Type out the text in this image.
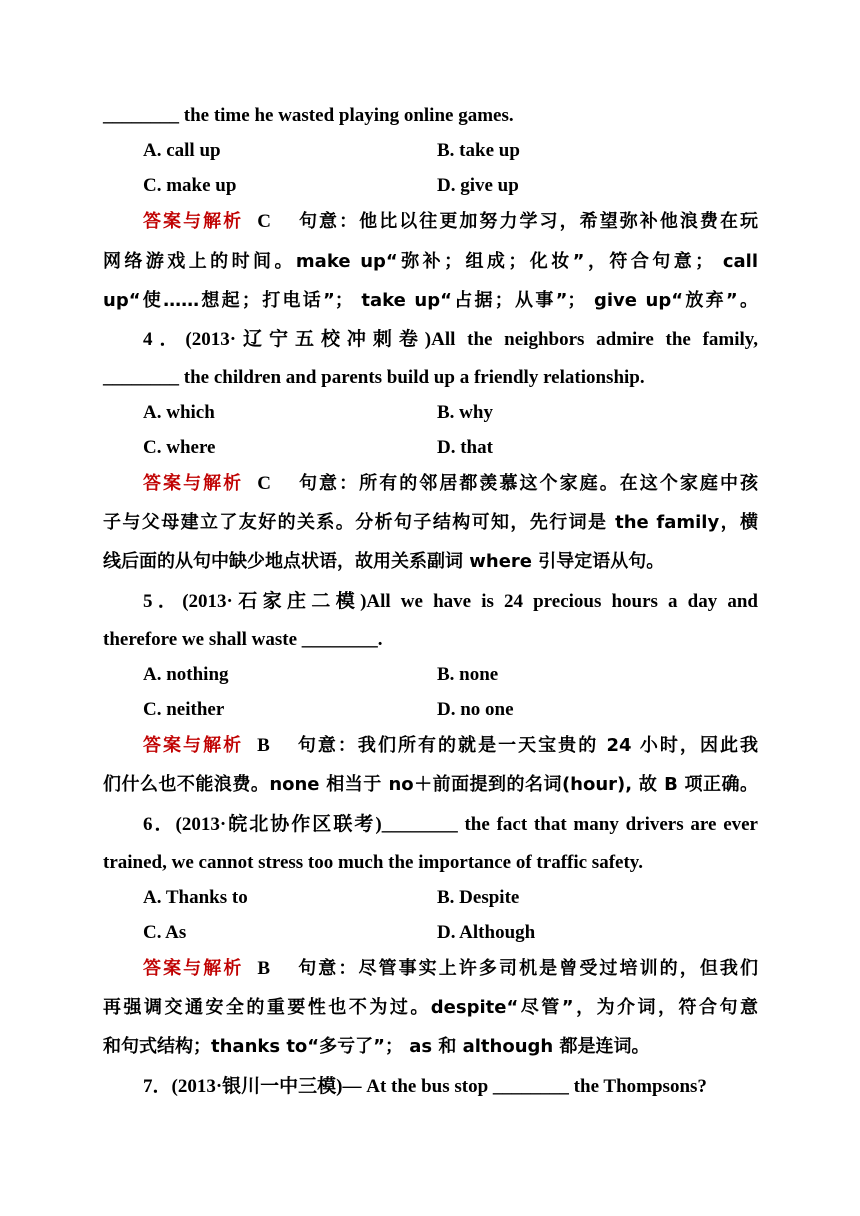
________ the time he wasted playing online games.
A. call up	B. take up
C. make up	D. give up
答案与解析 C 句意：他比以往更加努力学习，希望弥补他浪费在玩
网络游戏上的时间。make up“弥补；组成；化妆”，符合句意； call
up“使……想起；打电话”； take up“占据；从事”； give up“放弃”。
4．(2013·辽宁五校冲刺卷)All the neighbors admire the family,
________ the children and parents build up a friendly relationship.
A. which	B. why
C. where	D. that
答案与解析 C 句意：所有的邻居都羡慕这个家庭。在这个家庭中孩
子与父母建立了友好的关系。分析句子结构可知，先行词是 the family，横
线后面的从句中缺少地点状语，故用关系副词 where 引导定语从句。
5．(2013·石家庄二模)All we have is 24 precious hours a day and
therefore we shall waste ________.
A. nothing	B. none
C. neither	D. no one
答案与解析 B 句意：我们所有的就是一天宝贵的 24 小时，因此我
们什么也不能浪费。none 相当于 no＋前面提到的名词(hour), 故 B 项正确。
6．(2013·皖北协作区联考)________ the fact that many drivers are ever
trained, we cannot stress too much the importance of traffic safety.
A. Thanks to	B. Despite
C. As	D. Although
答案与解析 B 句意：尽管事实上许多司机是曾受过培训的，但我们
再强调交通安全的重要性也不为过。despite“尽管”，为介词，符合句意
和句式结构；thanks to“多亏了”； as 和 although 都是连词。
7．(2013·银川一中三模)— At the bus stop ________ the Thompsons?
